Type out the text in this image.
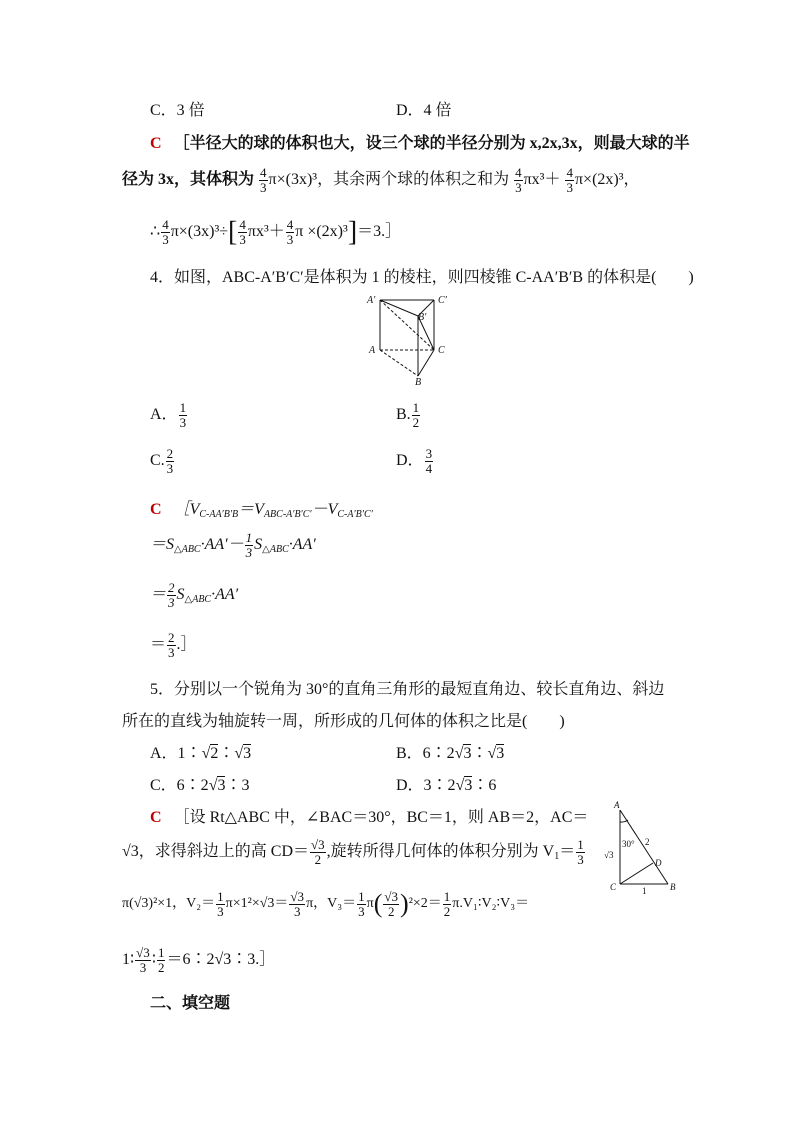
C．3 倍	D．4 倍
C ［半径大的球的体积也大，设三个球的半径分别为 x,2x,3x，则最大球的半
径为 3x，其体积为 $\frac{4}{3} \pi\times(3x)^3$，其余两个球的体积之和为 $\frac{4}{3} \pi x^3+ \frac{4}{3} \pi\times(2x)^3$，
∴ $\frac{4}{3} \pi\times(3x)^3\div[ \frac{4}{3} \pi x^3+ \frac{4}{3}$ π ×(2x)³]＝3.］
4．如图，ABC-A′B′C′是体积为 1 的棱柱，则四棱锥 C-AA′B′B 的体积是(　　)
A′	C′
B′
A	C
B
A． $\frac{1}{3}$	B. $\frac{1}{2}$
C. $\frac{2}{3}$	D． $\frac{3}{4}$
C $[V_{C-AA'B'B}=V_{ABC-A'B'C'}-V_{C-A'B'C'}$
$=S_{\triangle ABC}\cdot AA'- \frac{1}{3} S_{\triangle ABC}\cdot AA'$
＝ $\frac{2}{3} S_{\triangle ABC}\cdot AA'$
＝ $\frac{2}{3}$ .］
5．分别以一个锐角为 30°的直角三角形的最短直角边、较长直角边、斜边
所在的直线为轴旋转一周，所形成的几何体的体积之比是(　　)
A．1∶√2∶√3	B．6∶2√3∶√3
C．6∶2√3∶3	D．3∶2√3∶6
C ［设 Rt△ABC 中，∠BAC＝30°，BC＝1，则 AB＝2，AC＝
√3，求得斜边上的高 $CD= \frac{√3}{2}$ ,旋转所得几何体的体积分别为 $V_1= \frac{1}{3}$
π(√3)²×1，$V_2= \frac{1}{3} \pi\times 1^2\times√3= \frac{√3}{3}$ π，$V_3= \frac{1}{3} \pi( \frac{√3}{2} )^2\times 2= \frac{1}{2}$ π.V₁∶V₂∶V₃＝
1∶ $\frac{√3}{3}$ ∶ $\frac{1}{2}$ ＝6∶2√3∶3.］
A
30° 2
√3
D
C	B
1
二、填空题
